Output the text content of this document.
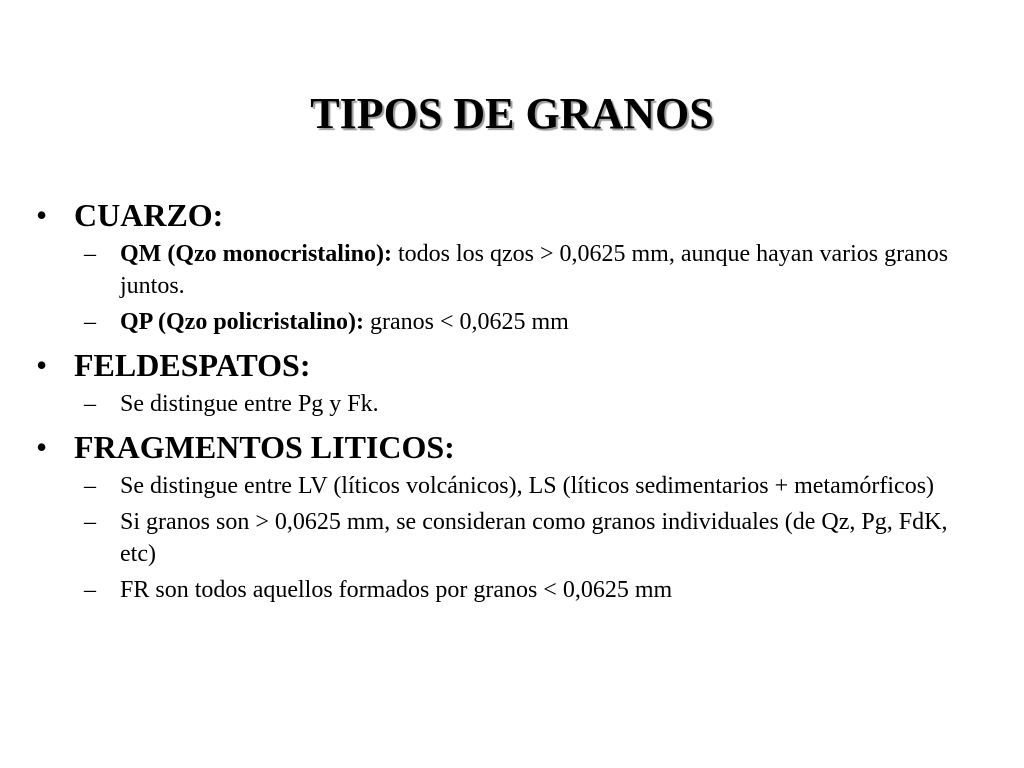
TIPOS DE GRANOS
• CUARZO:
– QM (Qzo monocristalino): todos los qzos > 0,0625 mm, aunque hayan varios granos juntos.
– QP (Qzo policristalino): granos < 0,0625 mm
• FELDESPATOS:
– Se distingue entre Pg y Fk.
• FRAGMENTOS LITICOS:
– Se distingue entre LV (líticos volcánicos), LS (líticos sedimentarios + metamórficos)
– Si granos son > 0,0625 mm, se consideran como granos individuales (de Qz, Pg, FdK, etc)
– FR son todos aquellos formados por granos < 0,0625 mm
